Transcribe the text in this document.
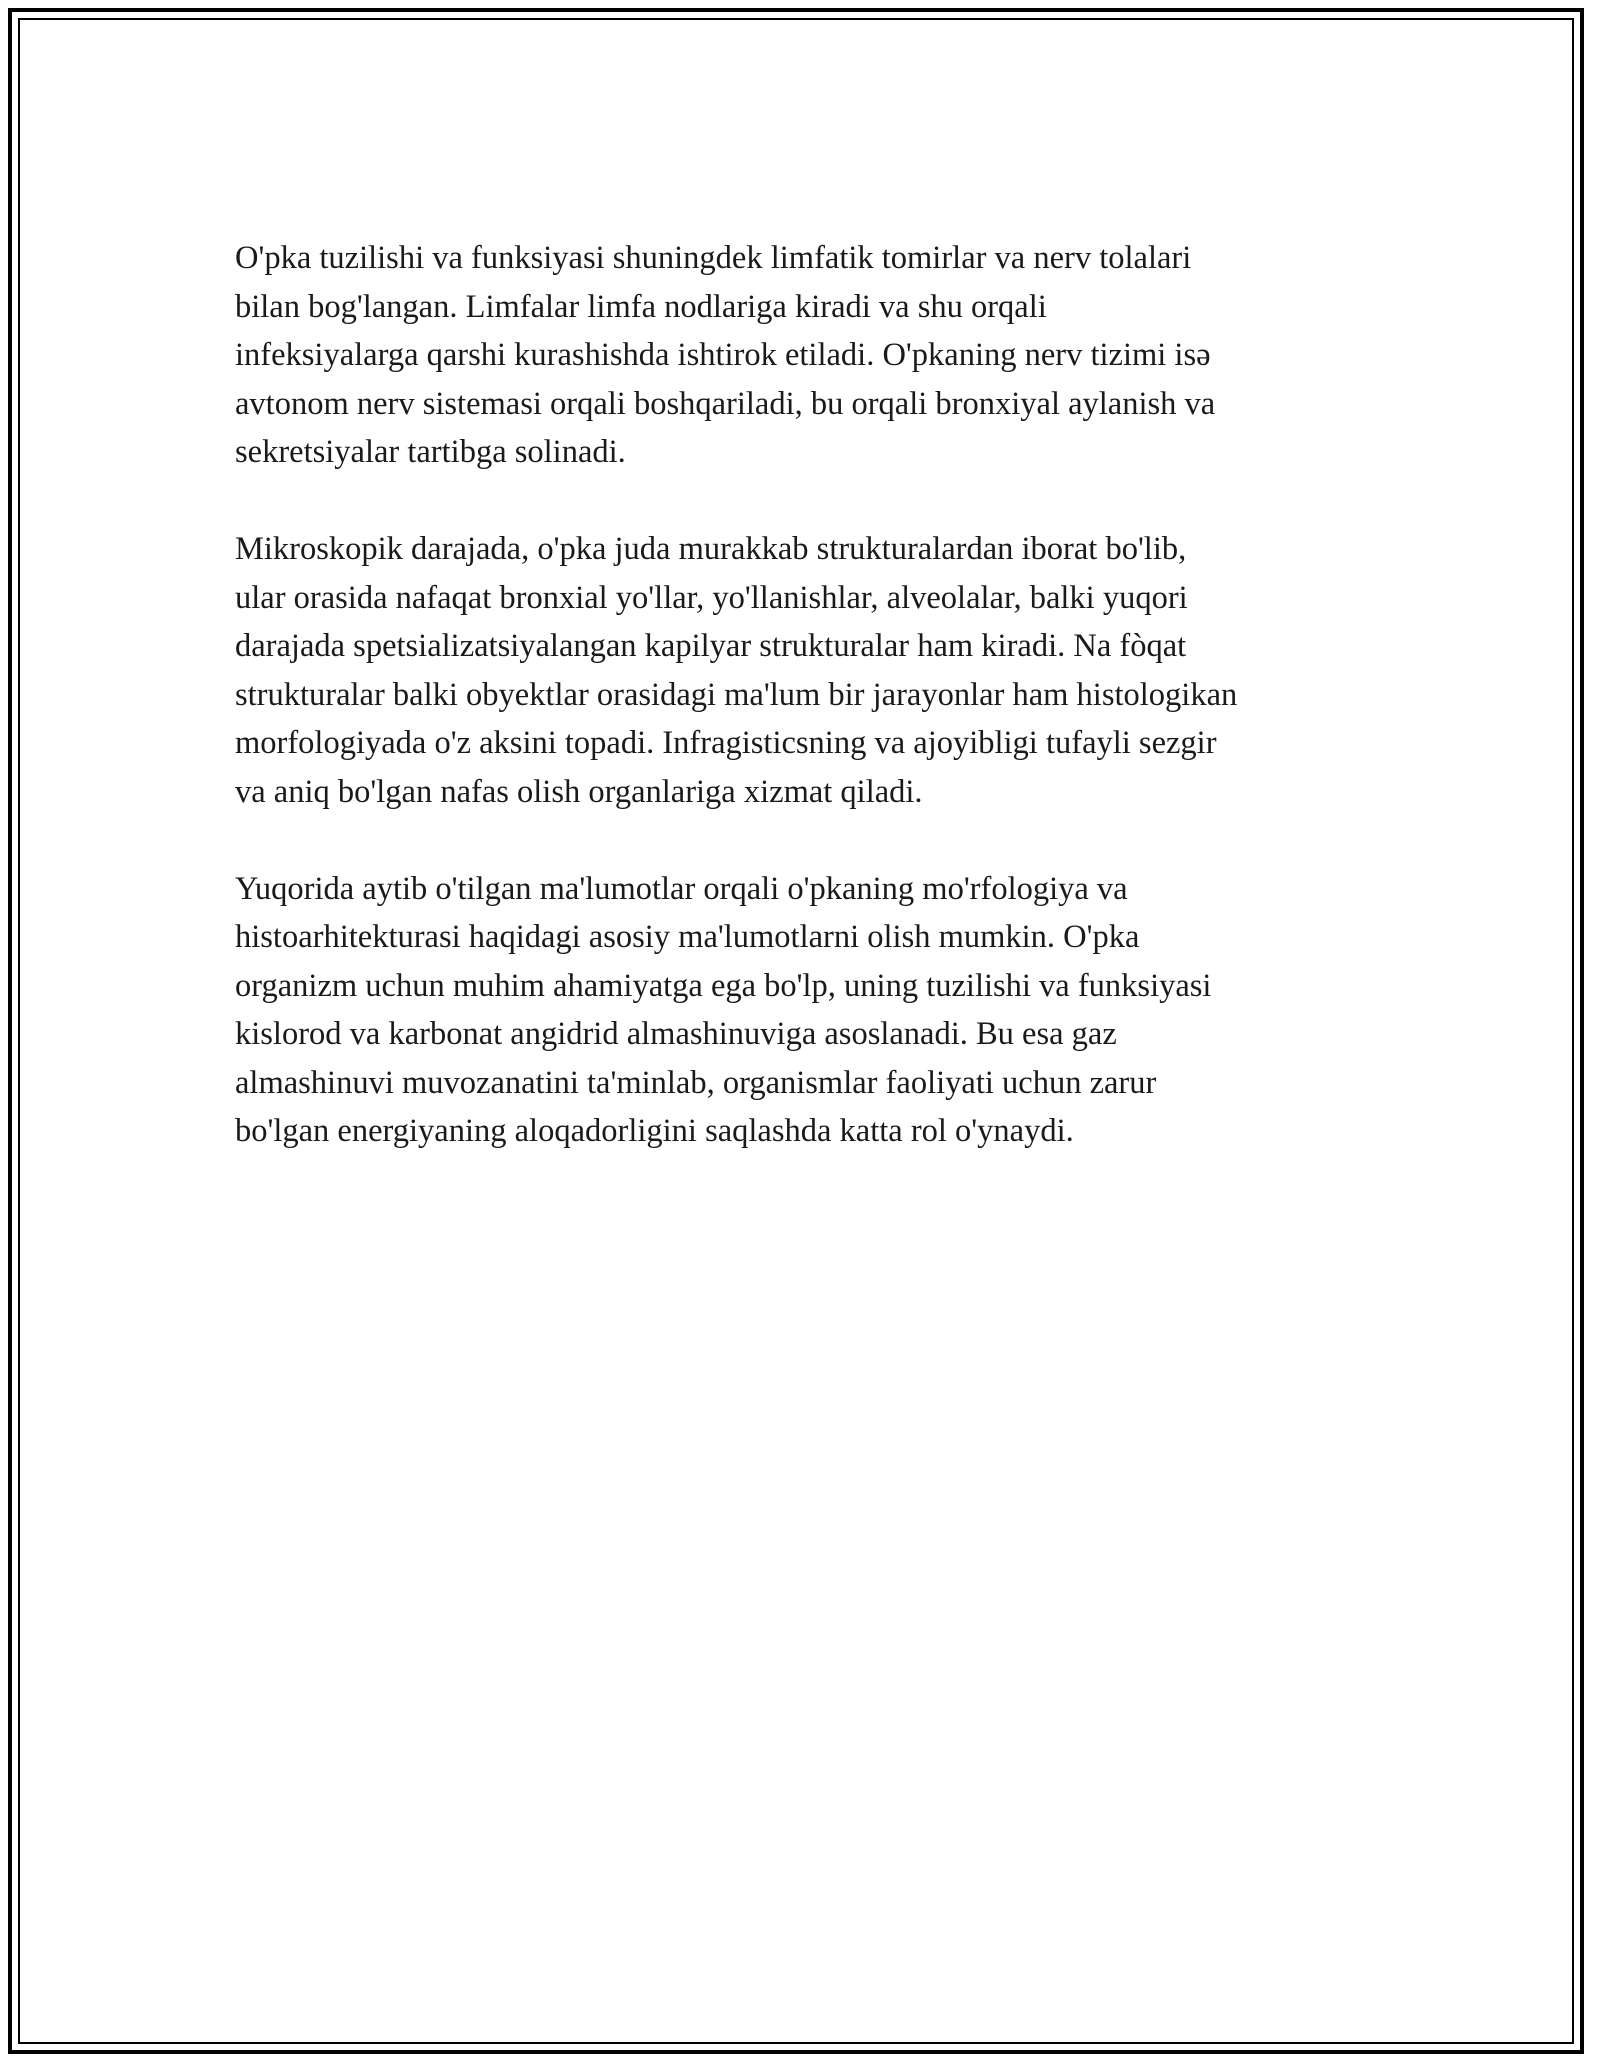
O'pka tuzilishi va funksiyasi shuningdek limfatik tomirlar va nerv tolalari
bilan bog'langan. Limfalar limfa nodlariga kiradi va shu orqali
infeksiyalarga qarshi kurashishda ishtirok etiladi. O'pkaning nerv tizimi isə
avtonom nerv sistemasi orqali boshqariladi, bu orqali bronxiyal aylanish va
sekretsiyalar tartibga solinadi.

Mikroskopik darajada, o'pka juda murakkab strukturalardan iborat bo'lib,
ular orasida nafaqat bronxial yo'llar, yo'llanishlar, alveolalar, balki yuqori
darajada spetsializatsiyalangan kapilyar strukturalar ham kiradi. Na fòqat
strukturalar balki obyektlar orasidagi ma'lum bir jarayonlar ham histologikan
morfologiyada o'z aksini topadi. Infragisticsning va ajoyibligi tufayli sezgir
va aniq bo'lgan nafas olish organlariga xizmat qiladi.

Yuqorida aytib o'tilgan ma'lumotlar orqali o'pkaning mo'rfologiya va
histoarhitekturasi haqidagi asosiy ma'lumotlarni olish mumkin. O'pka
organizm uchun muhim ahamiyatga ega bo'lp, uning tuzilishi va funksiyasi
kislorod va karbonat angidrid almashinuviga asoslanadi. Bu esa gaz
almashinuvi muvozanatini ta'minlab, organismlar faoliyati uchun zarur
bo'lgan energiyaning aloqadorligini saqlashda katta rol o'ynaydi.
